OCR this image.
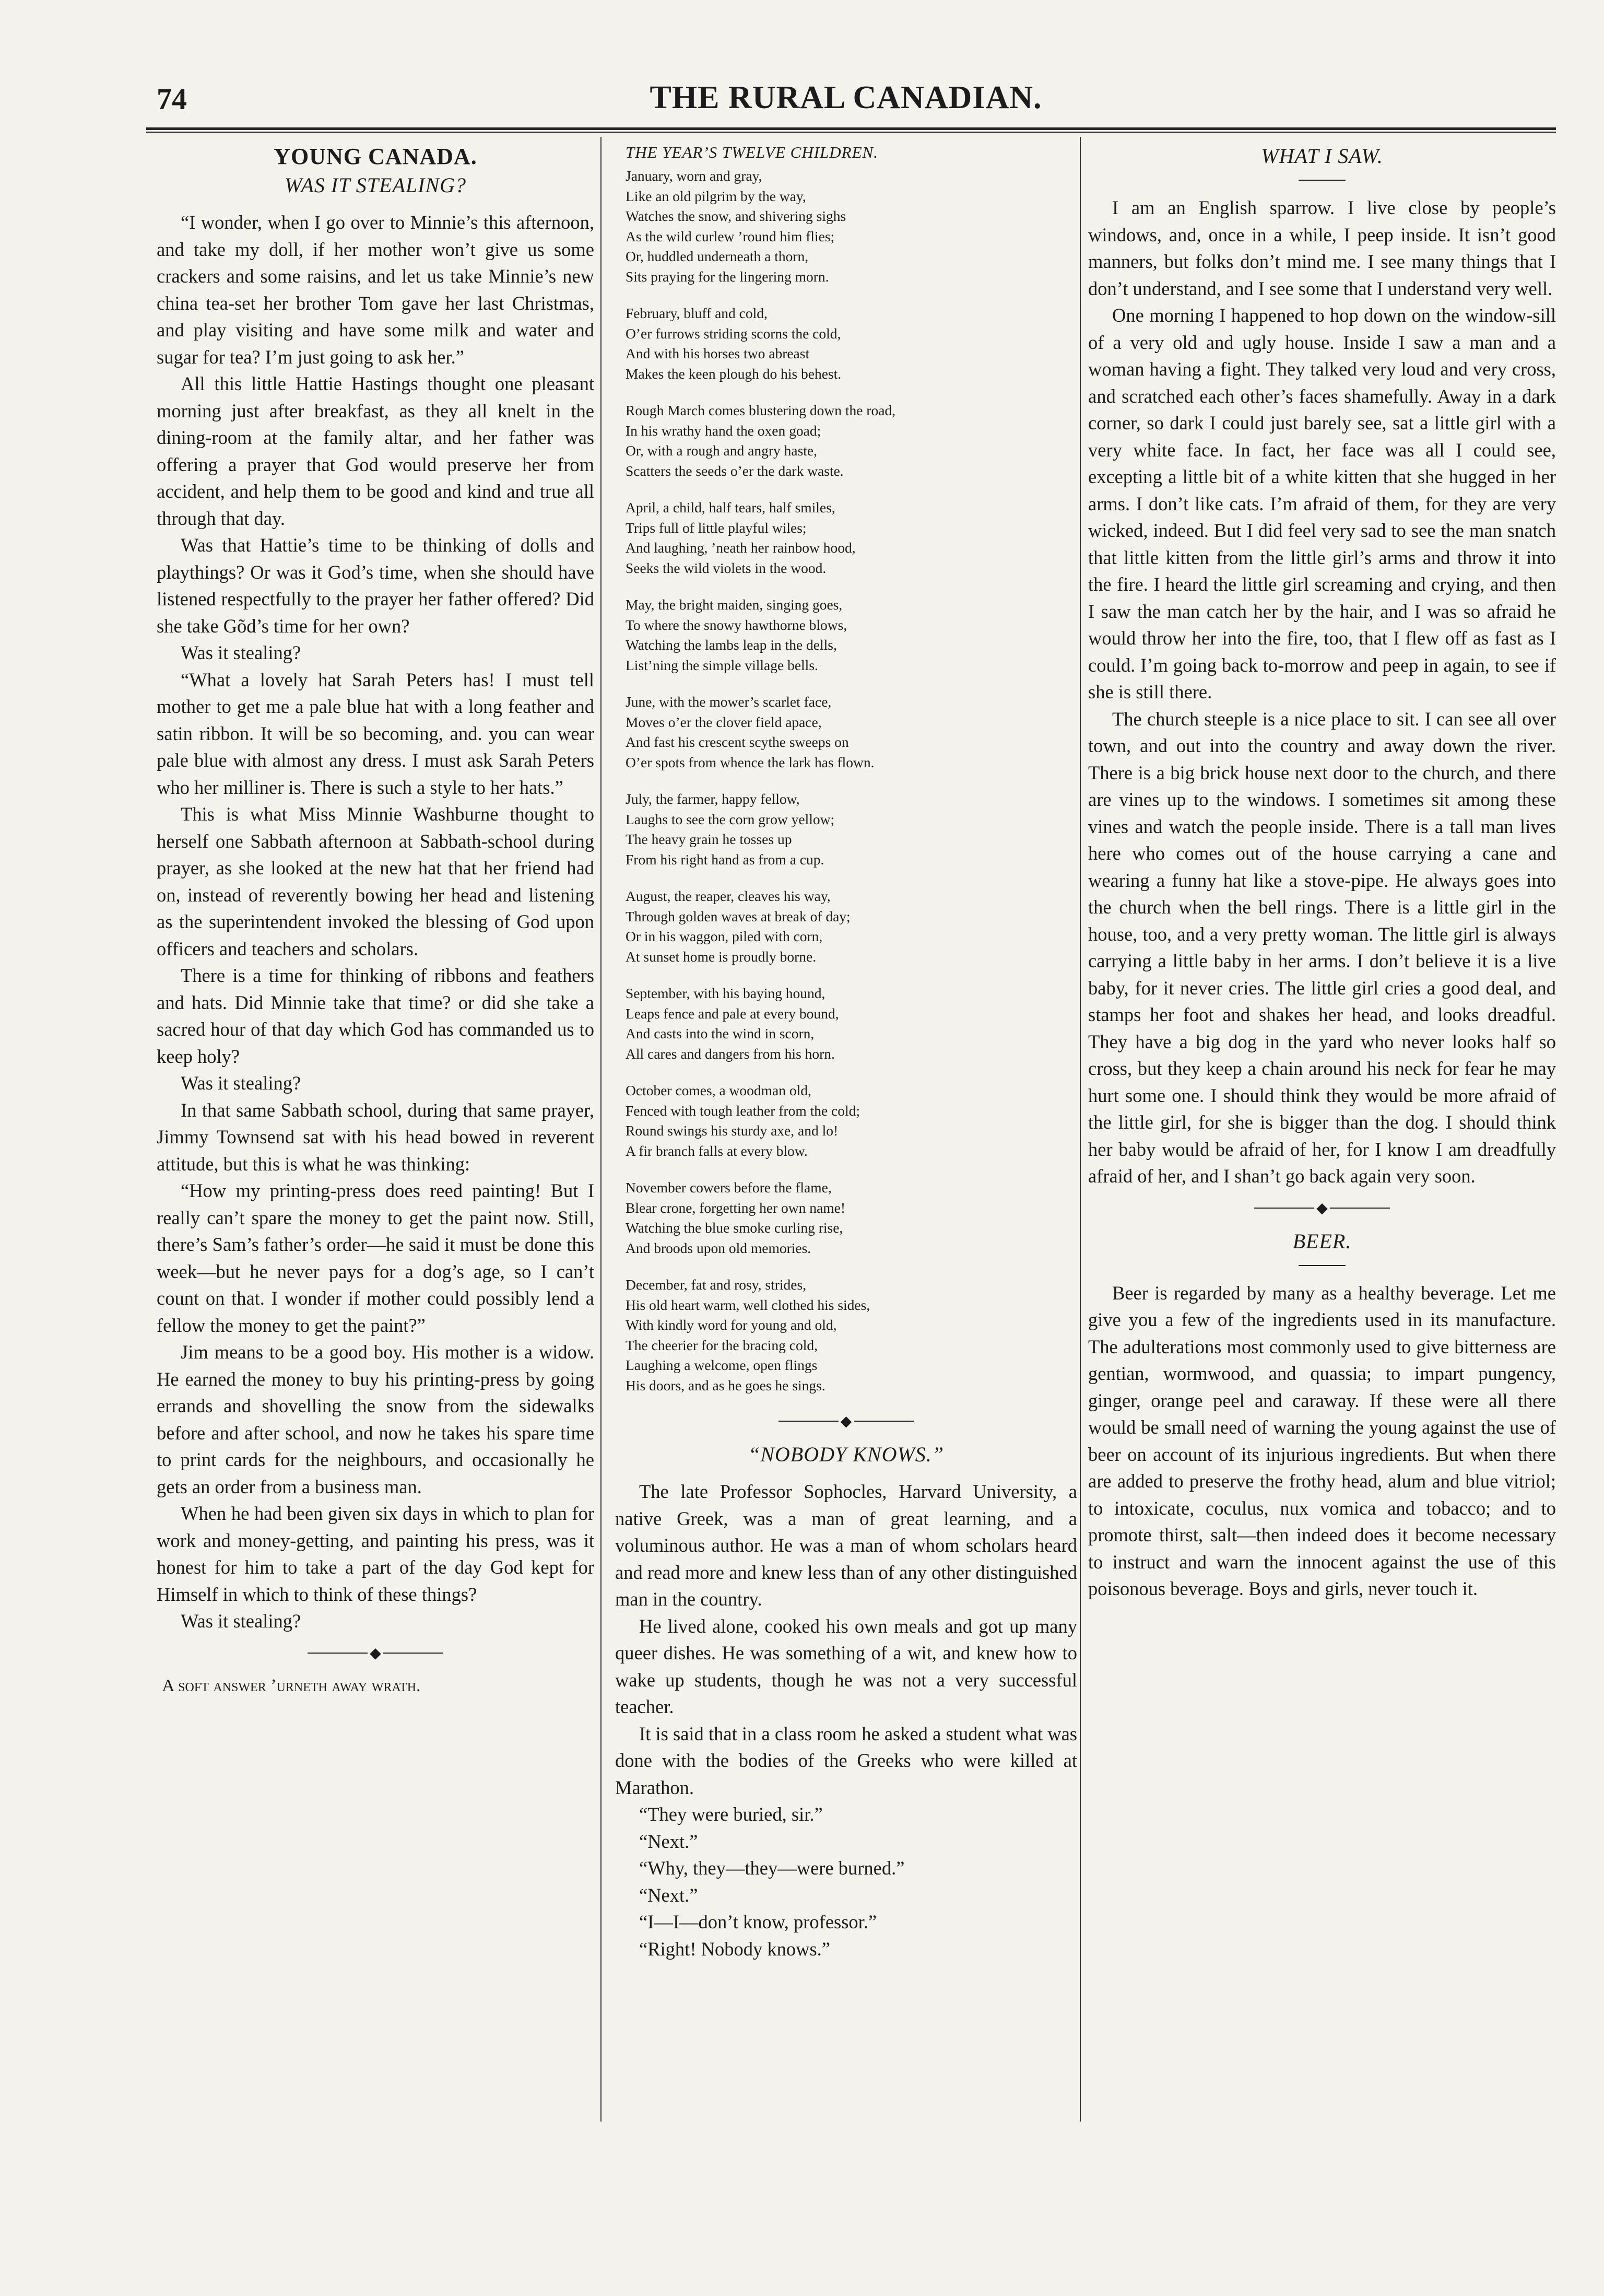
74	THE RURAL CANADIAN.
YOUNG CANADA.
WAS IT STEALING?

“I wonder, when I go over to Minnie’s this afternoon, and take my doll, if her mother won’t give us some crackers and some raisins, and let us take Minnie’s new china tea-set her brother Tom gave her last Christmas, and play visiting and have some milk and water and sugar for tea? I’m just going to ask her.”

All this little Hattie Hastings thought one pleasant morning just after breakfast, as they all knelt in the dining-room at the family altar, and her father was offering a prayer that God would preserve her from accident, and help them to be good and kind and true all through that day.

Was that Hattie’s time to be thinking of dolls and playthings? Or was it God’s time, when she should have listened respectfully to the prayer her father offered? Did she take Gõd’s time for her own?

Was it stealing?

“What a lovely hat Sarah Peters has! I must tell mother to get me a pale blue hat with a long feather and satin ribbon. It will be so becoming, and. you can wear pale blue with almost any dress. I must ask Sarah Peters who her milliner is. There is such a style to her hats.”

This is what Miss Minnie Washburne thought to herself one Sabbath afternoon at Sabbath-school during prayer, as she looked at the new hat that her friend had on, instead of reverently bowing her head and listening as the superintendent invoked the blessing of God upon officers and teachers and scholars.

There is a time for thinking of ribbons and feathers and hats. Did Minnie take that time? or did she take a sacred hour of that day which God has commanded us to keep holy?

Was it stealing?

In that same Sabbath school, during that same prayer, Jimmy Townsend sat with his head bowed in reverent attitude, but this is what he was thinking:

“How my printing-press does reed painting! But I really can’t spare the money to get the paint now. Still, there’s Sam’s father’s order—he said it must be done this week—but he never pays for a dog’s age, so I can’t count on that. I wonder if mother could possibly lend a fellow the money to get the paint?”

Jim means to be a good boy. His mother is a widow. He earned the money to buy his printing-press by going errands and shovelling the snow from the sidewalks before and after school, and now he takes his spare time to print cards for the neighbours, and occasionally he gets an order from a business man.

When he had been given six days in which to plan for work and money-getting, and painting his press, was it honest for him to take a part of the day God kept for Himself in which to think of these things?

Was it stealing?

◆

A soft answer ʼurneth away wrath.

THE YEAR’S TWELVE CHILDREN.
January, worn and gray,
Like an old pilgrim by the way,
Watches the snow, and shivering sighs
As the wild curlew ’round him flies;
Or, huddled underneath a thorn,
Sits praying for the lingering morn.
February, bluff and cold,
O’er furrows striding scorns the cold,
And with his horses two abreast
Makes the keen plough do his behest.
Rough March comes blustering down the road,
In his wrathy hand the oxen goad;
Or, with a rough and angry haste,
Scatters the seeds o’er the dark waste.
April, a child, half tears, half smiles,
Trips full of little playful wiles;
And laughing, ’neath her rainbow hood,
Seeks the wild violets in the wood.
May, the bright maiden, singing goes,
To where the snowy hawthorne blows,
Watching the lambs leap in the dells,
List’ning the simple village bells.
June, with the mower’s scarlet face,
Moves o’er the clover field apace,
And fast his crescent scythe sweeps on
O’er spots from whence the lark has flown.
July, the farmer, happy fellow,
Laughs to see the corn grow yellow;
The heavy grain he tosses up
From his right hand as from a cup.
August, the reaper, cleaves his way,
Through golden waves at break of day;
Or in his waggon, piled with corn,
At sunset home is proudly borne.
September, with his baying hound,
Leaps fence and pale at every bound,
And casts into the wind in scorn,
All cares and dangers from his horn.
October comes, a woodman old,
Fenced with tough leather from the cold;
Round swings his sturdy axe, and lo!
A fir branch falls at every blow.
November cowers before the flame,
Blear crone, forgetting her own name!
Watching the blue smoke curling rise,
And broods upon old memories.
December, fat and rosy, strides,
His old heart warm, well clothed his sides,
With kindly word for young and old,
The cheerier for the bracing cold,
Laughing a welcome, open flings
His doors, and as he goes he sings.
◆
“NOBODY KNOWS.”

The late Professor Sophocles, Harvard University, a native Greek, was a man of great learning, and a voluminous author. He was a man of whom scholars heard and read more and knew less than of any other distinguished man in the country.

He lived alone, cooked his own meals and got up many queer dishes. He was something of a wit, and knew how to wake up students, though he was not a very successful teacher.

It is said that in a class room he asked a student what was done with the bodies of the Greeks who were killed at Marathon.

“They were buried, sir.”

“Next.”

“Why, they—they—were burned.”

“Next.”

“I—I—don’t know, professor.”

“Right! Nobody knows.”

WHAT I SAW.

I am an English sparrow. I live close by people’s windows, and, once in a while, I peep inside. It isn’t good manners, but folks don’t mind me. I see many things that I don’t understand, and I see some that I understand very well.

One morning I happened to hop down on the window-sill of a very old and ugly house. Inside I saw a man and a woman having a fight. They talked very loud and very cross, and scratched each other’s faces shamefully. Away in a dark corner, so dark I could just barely see, sat a little girl with a very white face. In fact, her face was all I could see, excepting a little bit of a white kitten that she hugged in her arms. I don’t like cats. I’m afraid of them, for they are very wicked, indeed. But I did feel very sad to see the man snatch that little kitten from the little girl’s arms and throw it into the fire. I heard the little girl screaming and crying, and then I saw the man catch her by the hair, and I was so afraid he would throw her into the fire, too, that I flew off as fast as I could. I’m going back to-morrow and peep in again, to see if she is still there.

The church steeple is a nice place to sit. I can see all over town, and out into the country and away down the river. There is a big brick house next door to the church, and there are vines up to the windows. I sometimes sit among these vines and watch the people inside. There is a tall man lives here who comes out of the house carrying a cane and wearing a funny hat like a stove-pipe. He always goes into the church when the bell rings. There is a little girl in the house, too, and a very pretty woman. The little girl is always carrying a little baby in her arms. I don’t believe it is a live baby, for it never cries. The little girl cries a good deal, and stamps her foot and shakes her head, and looks dreadful. They have a big dog in the yard who never looks half so cross, but they keep a chain around his neck for fear he may hurt some one. I should think they would be more afraid of the little girl, for she is bigger than the dog. I should think her baby would be afraid of her, for I know I am dreadfully afraid of her, and I shan’t go back again very soon.

◆
BEER.

Beer is regarded by many as a healthy beverage. Let me give you a few of the ingredients used in its manufacture. The adulterations most commonly used to give bitterness are gentian, wormwood, and quassia; to impart pungency, ginger, orange peel and caraway. If these were all there would be small need of warning the young against the use of beer on account of its injurious ingredients. But when there are added to preserve the frothy head, alum and blue vitriol; to intoxicate, coculus, nux vomica and tobacco; and to promote thirst, salt—then indeed does it become necessary to instruct and warn the innocent against the use of this poisonous beverage. Boys and girls, never touch it.
